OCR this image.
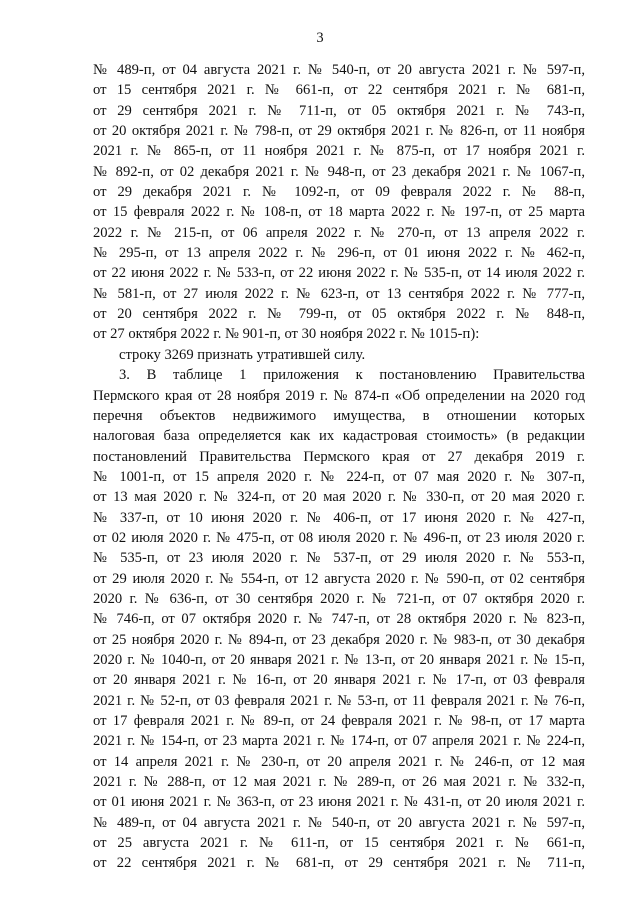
3
№ 489-п, от 04 августа 2021 г. № 540-п, от 20 августа 2021 г. № 597-п,
от 15 сентября 2021 г. № 661-п, от 22 сентября 2021 г. № 681-п,
от 29 сентября 2021 г. № 711-п, от 05 октября 2021 г. № 743-п,
от 20 октября 2021 г. № 798-п, от 29 октября 2021 г. № 826-п, от 11 ноября
2021 г. № 865-п, от 11 ноября 2021 г. № 875-п, от 17 ноября 2021 г.
№ 892-п, от 02 декабря 2021 г. № 948-п, от 23 декабря 2021 г. № 1067-п,
от 29 декабря 2021 г. № 1092-п, от 09 февраля 2022 г. № 88-п,
от 15 февраля 2022 г. № 108-п, от 18 марта 2022 г. № 197-п, от 25 марта
2022 г. № 215-п, от 06 апреля 2022 г. № 270-п, от 13 апреля 2022 г.
№ 295-п, от 13 апреля 2022 г. № 296-п, от 01 июня 2022 г. № 462-п,
от 22 июня 2022 г. № 533-п, от 22 июня 2022 г. № 535-п, от 14 июля 2022 г.
№ 581-п, от 27 июля 2022 г. № 623-п, от 13 сентября 2022 г. № 777-п,
от 20 сентября 2022 г. № 799-п, от 05 октября 2022 г. № 848-п,
от 27 октября 2022 г. № 901-п, от 30 ноября 2022 г. № 1015-п):
строку 3269 признать утратившей силу.
3. В таблице 1 приложения к постановлению Правительства
Пермского края от 28 ноября 2019 г. № 874-п «Об определении на 2020 год
перечня объектов недвижимого имущества, в отношении которых
налоговая база определяется как их кадастровая стоимость» (в редакции
постановлений Правительства Пермского края от 27 декабря 2019 г.
№ 1001-п, от 15 апреля 2020 г. № 224-п, от 07 мая 2020 г. № 307-п,
от 13 мая 2020 г. № 324-п, от 20 мая 2020 г. № 330-п, от 20 мая 2020 г.
№ 337-п, от 10 июня 2020 г. № 406-п, от 17 июня 2020 г. № 427-п,
от 02 июля 2020 г. № 475-п, от 08 июля 2020 г. № 496-п, от 23 июля 2020 г.
№ 535-п, от 23 июля 2020 г. № 537-п, от 29 июля 2020 г. № 553-п,
от 29 июля 2020 г. № 554-п, от 12 августа 2020 г. № 590-п, от 02 сентября
2020 г. № 636-п, от 30 сентября 2020 г. № 721-п, от 07 октября 2020 г.
№ 746-п, от 07 октября 2020 г. № 747-п, от 28 октября 2020 г. № 823-п,
от 25 ноября 2020 г. № 894-п, от 23 декабря 2020 г. № 983-п, от 30 декабря
2020 г. № 1040-п, от 20 января 2021 г. № 13-п, от 20 января 2021 г. № 15-п,
от 20 января 2021 г. № 16-п, от 20 января 2021 г. № 17-п, от 03 февраля
2021 г. № 52-п, от 03 февраля 2021 г. № 53-п, от 11 февраля 2021 г. № 76-п,
от 17 февраля 2021 г. № 89-п, от 24 февраля 2021 г. № 98-п, от 17 марта
2021 г. № 154-п, от 23 марта 2021 г. № 174-п, от 07 апреля 2021 г. № 224-п,
от 14 апреля 2021 г. № 230-п, от 20 апреля 2021 г. № 246-п, от 12 мая
2021 г. № 288-п, от 12 мая 2021 г. № 289-п, от 26 мая 2021 г. № 332-п,
от 01 июня 2021 г. № 363-п, от 23 июня 2021 г. № 431-п, от 20 июля 2021 г.
№ 489-п, от 04 августа 2021 г. № 540-п, от 20 августа 2021 г. № 597-п,
от 25 августа 2021 г. № 611-п, от 15 сентября 2021 г. № 661-п,
от 22 сентября 2021 г. № 681-п, от 29 сентября 2021 г. № 711-п,
